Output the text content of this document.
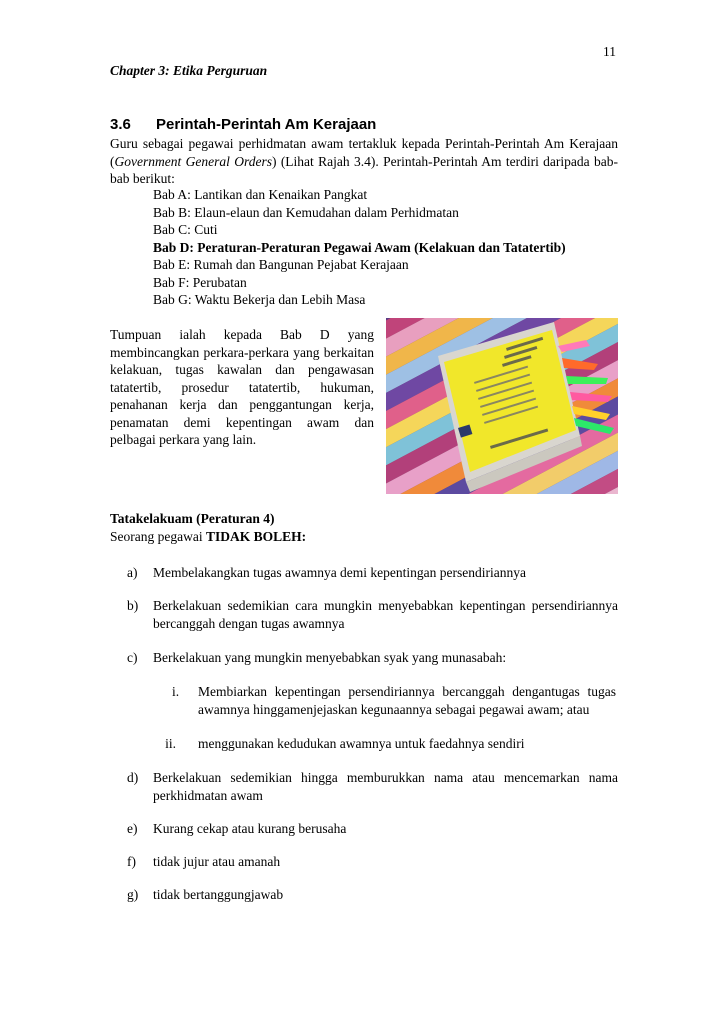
11
Chapter 3: Etika Perguruan
3.6 Perintah-Perintah Am Kerajaan
Guru sebagai pegawai perhidmatan awam tertakluk kepada Perintah-Perintah Am Kerajaan (Government General Orders) (Lihat Rajah 3.4). Perintah-Perintah Am terdiri daripada bab-bab berikut:
Bab A: Lantikan dan Kenaikan Pangkat
Bab B: Elaun-elaun dan Kemudahan dalam Perhidmatan
Bab C: Cuti
Bab D: Peraturan-Peraturan Pegawai Awam (Kelakuan dan Tatatertib)
Bab E: Rumah dan Bangunan Pejabat Kerajaan
Bab F: Perubatan
Bab G: Waktu Bekerja dan Lebih Masa
Tumpuan ialah kepada Bab D yang membincangkan perkara-perkara yang berkaitan kelakuan, tugas kawalan dan pengawasan tatatertib, prosedur tatatertib, hukuman, penahanan kerja dan penggantungan kerja, penamatan demi kepentingan awam dan pelbagai perkara yang lain.
Tatakelakuam (Peraturan 4)
Seorang pegawai TIDAK BOLEH:
a) Membelakangkan tugas awamnya demi kepentingan persendiriannya
b) Berkelakuan sedemikian cara mungkin menyebabkan kepentingan persendiriannya bercanggah dengan tugas awamnya
c) Berkelakuan yang mungkin menyebabkan syak yang munasabah:
i. Membiarkan kepentingan persendiriannya bercanggah dengantugas tugas awamnya hinggamenjejaskan kegunaannya sebagai pegawai awam; atau
ii. menggunakan kedudukan awamnya untuk faedahnya sendiri
d) Berkelakuan sedemikian hingga memburukkan nama atau mencemarkan nama perkhidmatan awam
e) Kurang cekap atau kurang berusaha
f) tidak jujur atau amanah
g) tidak bertanggungjawab
